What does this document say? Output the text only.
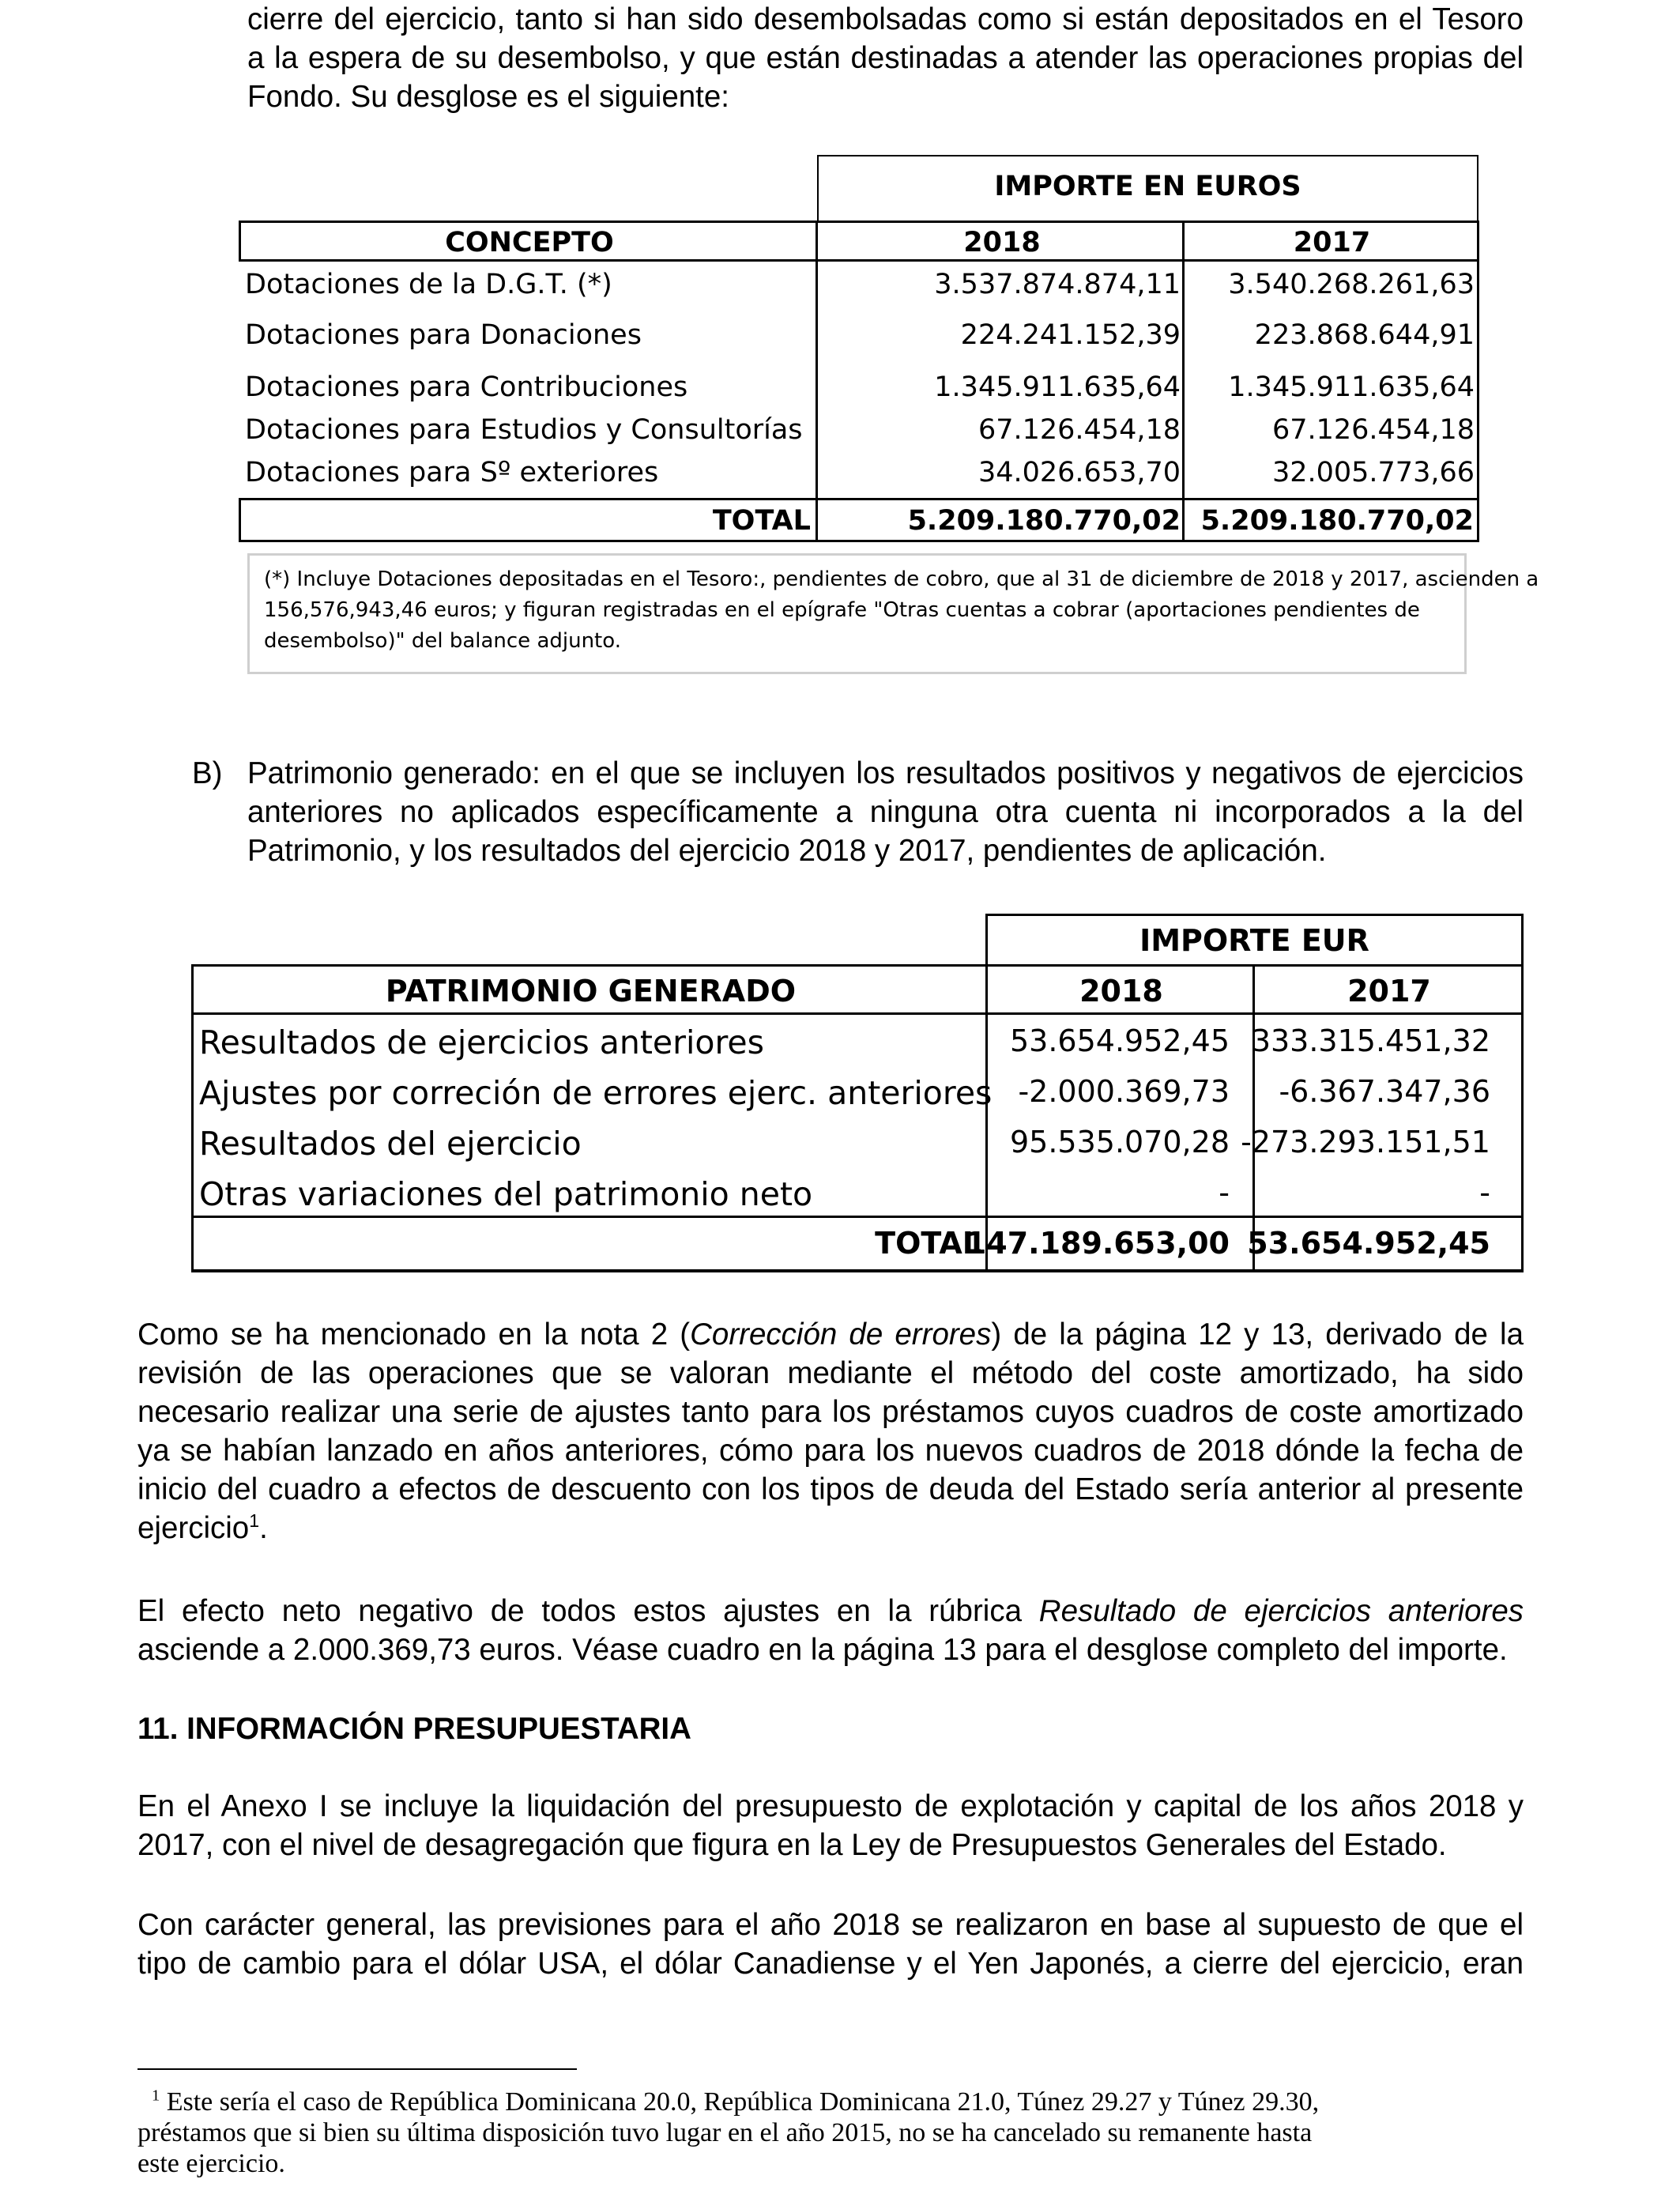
cierre del ejercicio, tanto si han sido desembolsadas como si están depositados en el Tesoro
a la espera de su desembolso, y que están destinadas a atender las operaciones propias del
Fondo. Su desglose es el siguiente:
IMPORTE EN EUROS
CONCEPTO	2018	2017
Dotaciones de la D.G.T. (*)	3.537.874.874,11 3.540.268.261,63
Dotaciones para Donaciones	224.241.152,39	223.868.644,91
Dotaciones para Contribuciones	1.345.911.635,64 1.345.911.635,64
Dotaciones para Estudios y Consultorías	67.126.454,18	67.126.454,18
Dotaciones para Sº exteriores	34.026.653,70	32.005.773,66
TOTAL	5.209.180.770,02 5.209.180.770,02
(*) Incluye Dotaciones depositadas en el Tesoro:, pendientes de cobro, que al 31 de diciembre de 2018 y 2017, ascienden a
156,576,943,46 euros; y figuran registradas en el epígrafe "Otras cuentas a cobrar (aportaciones pendientes de
desembolso)" del balance adjunto.
B) Patrimonio generado: en el que se incluyen los resultados positivos y negativos de ejercicios
anteriores no aplicados específicamente a ninguna otra cuenta ni incorporados a la del
Patrimonio, y los resultados del ejercicio 2018 y 2017, pendientes de aplicación.
IMPORTE EUR
PATRIMONIO GENERADO	2018	2017
Resultados de ejercicios anteriores	53.654.952,45 333.315.451,32
Ajustes por correción de errores ejerc. anteriores -2.000.369,73 -6.367.347,36
Resultados del ejercicio	95.535.070,28 -273.293.151,51
Otras variaciones del patrimonio neto	-	-
TOTAL
147.189.653,00 53.654.952,45
Como se ha mencionado en la nota 2 (Corrección de errores) de la página 12 y 13, derivado de la
revisión de las operaciones que se valoran mediante el método del coste amortizado, ha sido
necesario realizar una serie de ajustes tanto para los préstamos cuyos cuadros de coste amortizado
ya se habían lanzado en años anteriores, cómo para los nuevos cuadros de 2018 dónde la fecha de
inicio del cuadro a efectos de descuento con los tipos de deuda del Estado sería anterior al presente
ejercicio$^1$.
El efecto neto negativo de todos estos ajustes en la rúbrica Resultado de ejercicios anteriores
asciende a 2.000.369,73 euros. Véase cuadro en la página 13 para el desglose completo del importe.
11. INFORMACIÓN PRESUPUESTARIA
En el Anexo I se incluye la liquidación del presupuesto de explotación y capital de los años 2018 y
2017, con el nivel de desagregación que figura en la Ley de Presupuestos Generales del Estado.
Con carácter general, las previsiones para el año 2018 se realizaron en base al supuesto de que el
tipo de cambio para el dólar USA, el dólar Canadiense y el Yen Japonés, a cierre del ejercicio, eran
$^1$ Este sería el caso de República Dominicana 20.0, República Dominicana 21.0, Túnez 29.27 y Túnez 29.30,
préstamos que si bien su última disposición tuvo lugar en el año 2015, no se ha cancelado su remanente hasta
este ejercicio.
